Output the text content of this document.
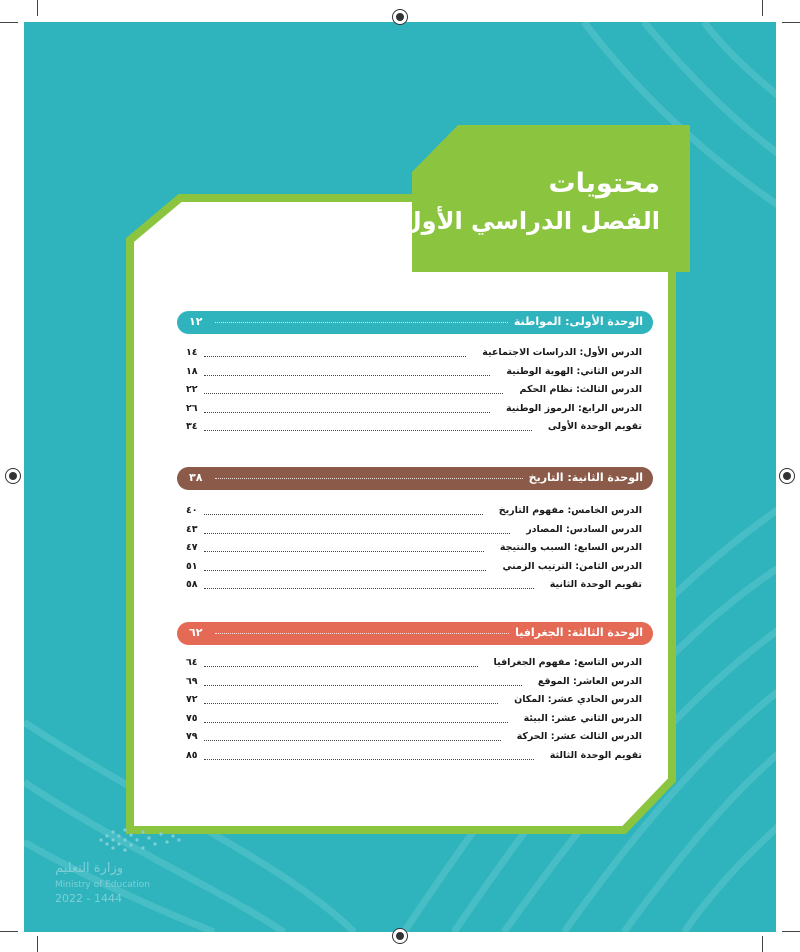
محتويات
الفصل الدراسي الأول
الوحدة الأولى: المواطنة
١٢
الدرس الأول: الدراسات الاجتماعية
١٤
الدرس الثاني: الهوية الوطنية
١٨
الدرس الثالث: نظام الحكم
٢٢
الدرس الرابع: الرموز الوطنية
٢٦
تقويم الوحدة الأولى
٣٤
الوحدة الثانية: التاريخ
٣٨
الدرس الخامس: مفهوم التاريخ
٤٠
الدرس السادس: المصادر
٤٣
الدرس السابع: السبب والنتيجة
٤٧
الدرس الثامن: الترتيب الزمني
٥١
تقويم الوحدة الثانية
٥٨
الوحدة الثالثة: الجغرافيا
٦٢
الدرس التاسع: مفهوم الجغرافيا
٦٤
الدرس العاشر: الموقع
٦٩
الدرس الحادي عشر: المكان
٧٢
الدرس الثاني عشر: البيئة
٧٥
الدرس الثالث عشر: الحركة
٧٩
تقويم الوحدة الثالثة
٨٥
وزارة التعليم
Ministry of Education
2022 - 1444
